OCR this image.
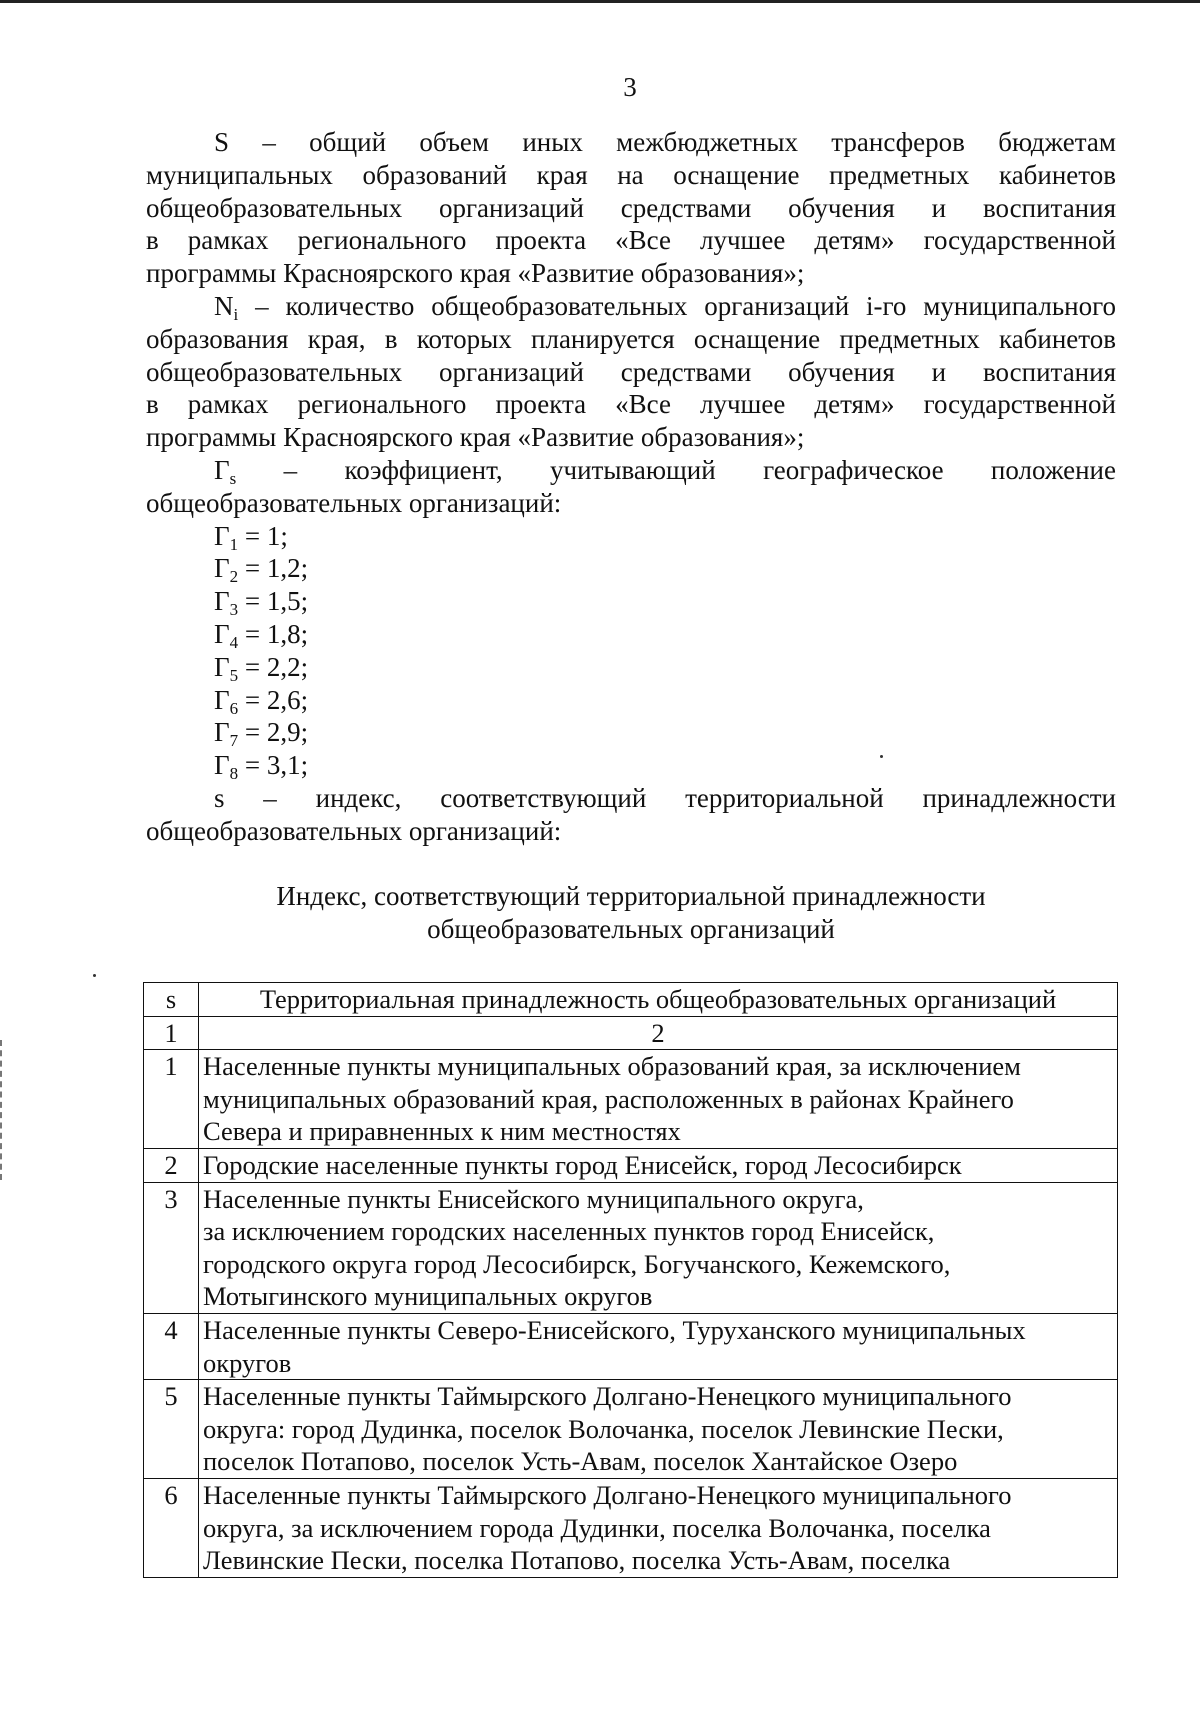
3
S – общий объем иных межбюджетных трансферов бюджетам
муниципальных образований края на оснащение предметных кабинетов
общеобразовательных организаций средствами обучения и воспитания
в рамках регионального проекта «Все лучшее детям» государственной
программы Красноярского края «Развитие образования»;
$N_i$ – количество общеобразовательных организаций i-го муниципального
образования края, в которых планируется оснащение предметных кабинетов
общеобразовательных организаций средствами обучения и воспитания
в рамках регионального проекта «Все лучшее детям» государственной
программы Красноярского края «Развитие образования»;
$Г_s$ – коэффициент, учитывающий географическое положение
общеобразовательных организаций:
$Г_1 = 1$;
$Г_2 = 1,2$;
$Г_3 = 1,5$;
$Г_4 = 1,8$;
$Г_5 = 2,2$;
$Г_6 = 2,6$;
$Г_7 = 2,9$;
$Г_8 = 3,1$;
s – индекс, соответствующий территориальной принадлежности
общеобразовательных организаций:
Индекс, соответствующий территориальной принадлежности
общеобразовательных организаций
s	Территориальная принадлежность общеобразовательных организаций
1	2
1	Населенные пункты муниципальных образований края, за исключением
муниципальных образований края, расположенных в районах Крайнего
Севера и приравненных к ним местностях

2	Городские населенные пункты город Енисейск, город Лесосибирск

3	Населенные пункты Енисейского муниципального округа,
за исключением городских населенных пунктов город Енисейск,
городского округа город Лесосибирск, Богучанского, Кежемского,
Мотыгинского муниципальных округов

4	Населенные пункты Северо-Енисейского, Туруханского муниципальных
округов

5	Населенные пункты Таймырского Долгано-Ненецкого муниципального
округа: город Дудинка, поселок Волочанка, поселок Левинские Пески,
поселок Потапово, поселок Усть-Авам, поселок Хантайское Озеро

6	Населенные пункты Таймырского Долгано-Ненецкого муниципального
округа, за исключением города Дудинки, поселка Волочанка, поселка
Левинские Пески, поселка Потапово, поселка Усть-Авам, поселка
